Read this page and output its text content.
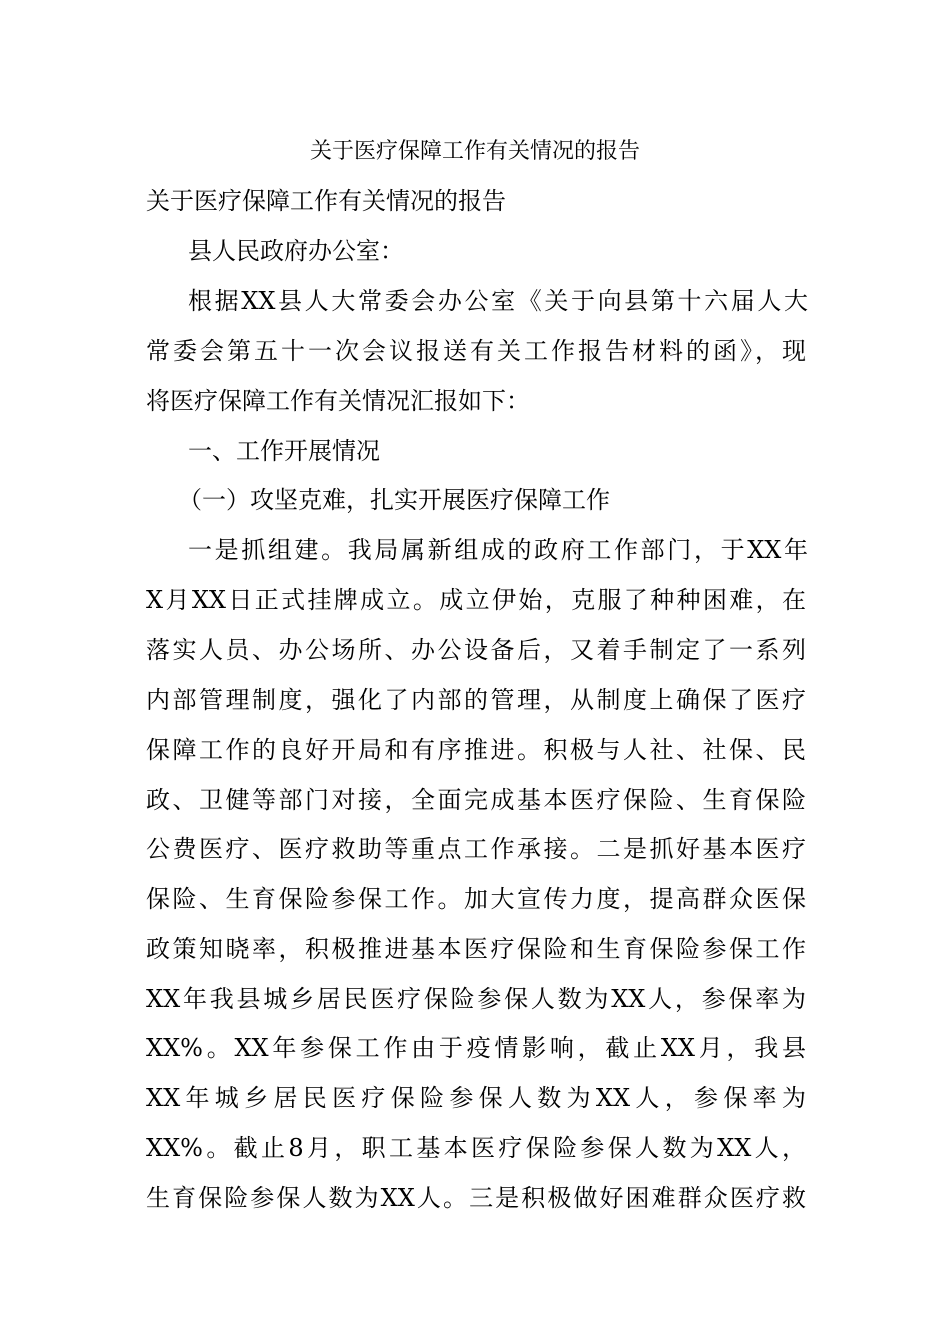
关于医疗保障工作有关情况的报告
关于医疗保障工作有关情况的报告
县人民政府办公室：
根据XX县人大常委会办公室《关于向县第十六届人大
常委会第五十一次会议报送有关工作报告材料的函》，现
将医疗保障工作有关情况汇报如下：
一、工作开展情况
（一）攻坚克难，扎实开展医疗保障工作
一是抓组建。我局属新组成的政府工作部门，于XX年
X月XX日正式挂牌成立。成立伊始，克服了种种困难，在
落实人员、办公场所、办公设备后，又着手制定了一系列
内部管理制度，强化了内部的管理，从制度上确保了医疗
保障工作的良好开局和有序推进。积极与人社、社保、民
政、卫健等部门对接，全面完成基本医疗保险、生育保险
公费医疗、医疗救助等重点工作承接。二是抓好基本医疗
保险、生育保险参保工作。加大宣传力度，提高群众医保
政策知晓率，积极推进基本医疗保险和生育保险参保工作
XX年我县城乡居民医疗保险参保人数为XX人，参保率为
XX%。XX年参保工作由于疫情影响，截止XX月，我县
XX年城乡居民医疗保险参保人数为XX人，参保率为
XX%。截止8月，职工基本医疗保险参保人数为XX人，
生育保险参保人数为XX人。三是积极做好困难群众医疗救
